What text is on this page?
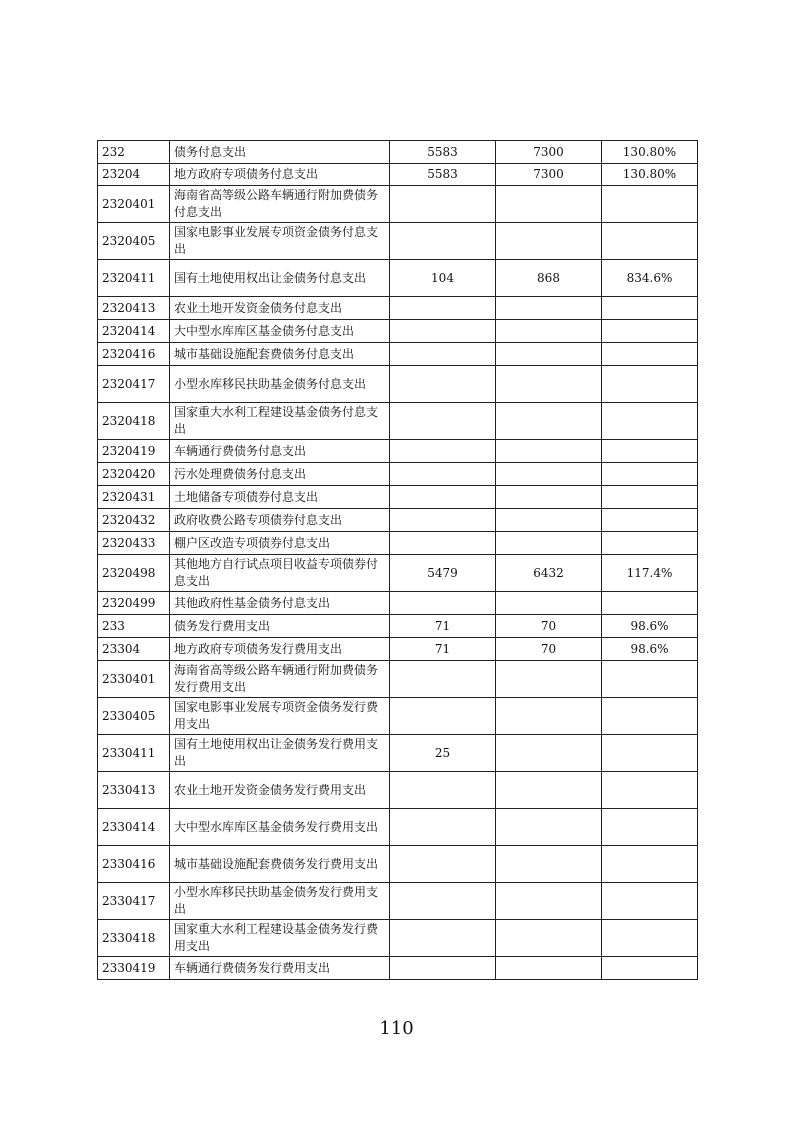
232	债务付息支出	5583	7300	130.80%
23204	地方政府专项债务付息支出	5583	7300	130.80%
2320401	海南省高等级公路车辆通行附加费债务付息支出			
2320405	国家电影事业发展专项资金债务付息支出			
2320411	国有土地使用权出让金债务付息支出	104	868	834.6%
2320413	农业土地开发资金债务付息支出			
2320414	大中型水库库区基金债务付息支出			
2320416	城市基础设施配套费债务付息支出			
2320417	小型水库移民扶助基金债务付息支出			
2320418	国家重大水利工程建设基金债务付息支出			
2320419	车辆通行费债务付息支出			
2320420	污水处理费债务付息支出			
2320431	土地储备专项债券付息支出			
2320432	政府收费公路专项债券付息支出			
2320433	棚户区改造专项债券付息支出			
2320498	其他地方自行试点项目收益专项债券付息支出	5479	6432	117.4%
2320499	其他政府性基金债务付息支出			
233	债务发行费用支出	71	70	98.6%
23304	地方政府专项债务发行费用支出	71	70	98.6%
2330401	海南省高等级公路车辆通行附加费债务发行费用支出			
2330405	国家电影事业发展专项资金债务发行费用支出			
2330411	国有土地使用权出让金债务发行费用支出	25		
2330413	农业土地开发资金债务发行费用支出			
2330414	大中型水库库区基金债务发行费用支出			
2330416	城市基础设施配套费债务发行费用支出			
2330417	小型水库移民扶助基金债务发行费用支出			
2330418	国家重大水利工程建设基金债务发行费用支出			
2330419	车辆通行费债务发行费用支出			
110
